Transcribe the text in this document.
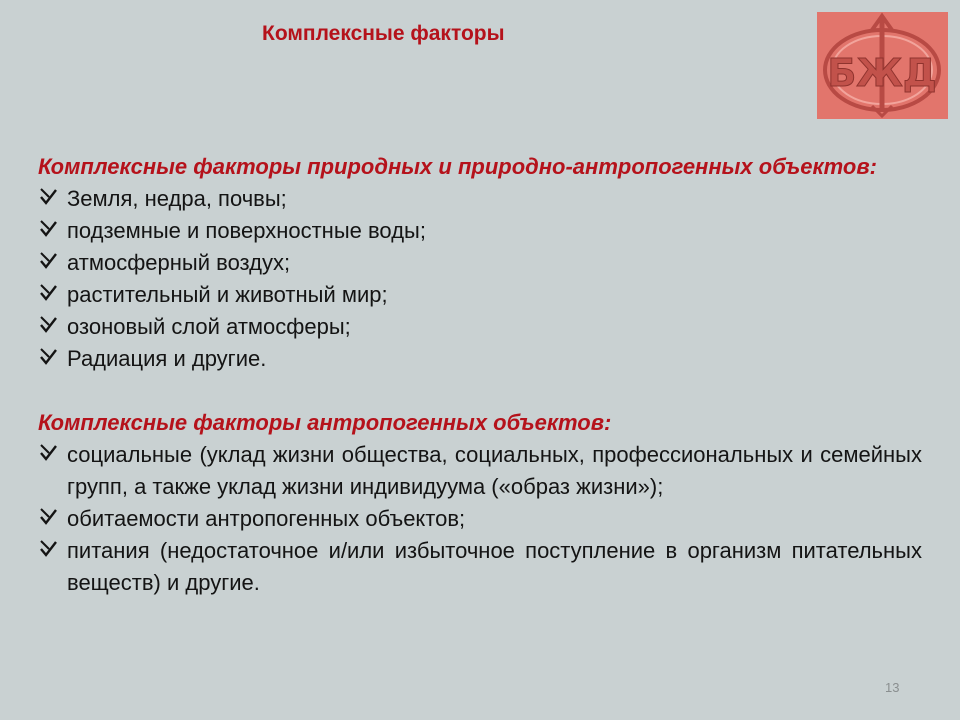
Комплексные факторы
БЖД
Комплексные факторы природных и природно-антропогенных объектов:
Земля, недра, почвы;
подземные и поверхностные воды;
атмосферный воздух;
растительный и животный мир;
озоновый слой атмосферы;
Радиация и другие.
Комплексные факторы антропогенных объектов:
социальные (уклад жизни общества, социальных, профессиональных и семейных групп, а также уклад жизни индивидуума («образ жизни»);
обитаемости антропогенных объектов;
питания (недостаточное и/или избыточное поступление в организм питательных веществ) и другие.
13
